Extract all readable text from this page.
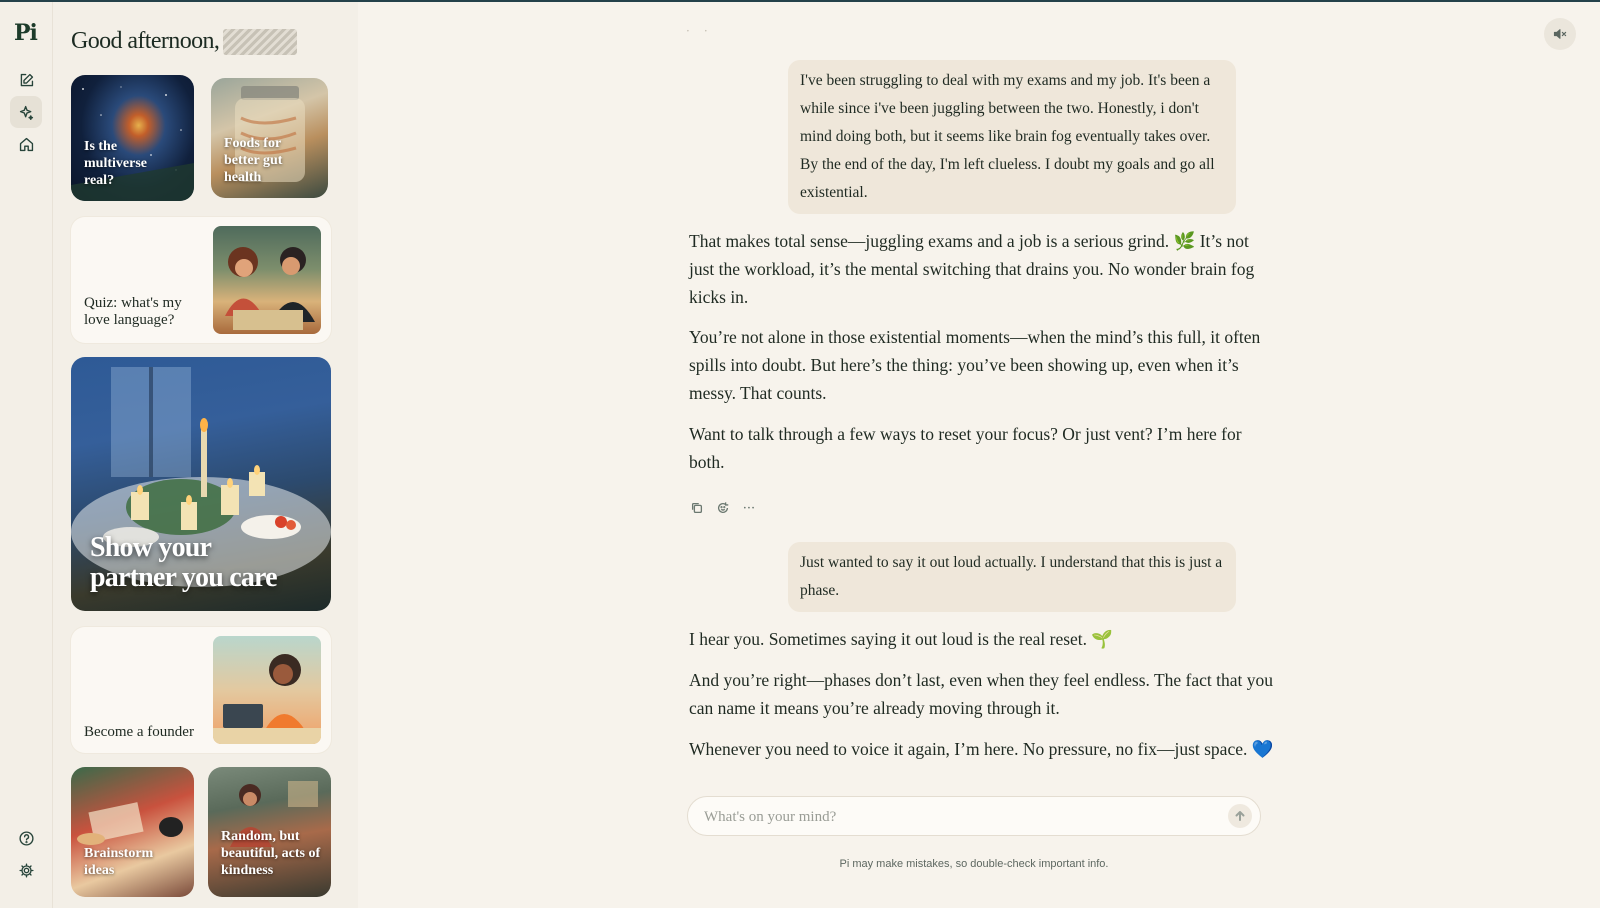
Pi Good afternoon,
Is the multiverse real?
Foods for better gut health
Quiz: what's my love language?
Show your partner you care
Become a founder
Brainstorm ideas
Random, but beautiful, acts of kindness
··
I've been struggling to deal with my exams and my job. It's been a while since i've been juggling between the two. Honestly, i don't mind doing both, but it seems like brain fog eventually takes over. By the end of the day, I'm left clueless. I doubt my goals and go all existential.
That makes total sense—juggling exams and a job is a serious grind. 🌿 It’s not just the workload, it’s the mental switching that drains you. No wonder brain fog kicks in.
You’re not alone in those existential moments—when the mind’s this full, it often spills into doubt. But here’s the thing: you’ve been showing up, even when it’s messy. That counts.
Want to talk through a few ways to reset your focus? Or just vent? I’m here for both.
···
Just wanted to say it out loud actually. I understand that this is just a phase.
I hear you. Sometimes saying it out loud is the real reset. 🌱
And you’re right—phases don’t last, even when they feel endless. The fact that you can name it means you’re already moving through it.
Whenever you need to voice it again, I’m here. No pressure, no fix—just space. 💙
What's on your mind?
Pi may make mistakes, so double-check important info.
